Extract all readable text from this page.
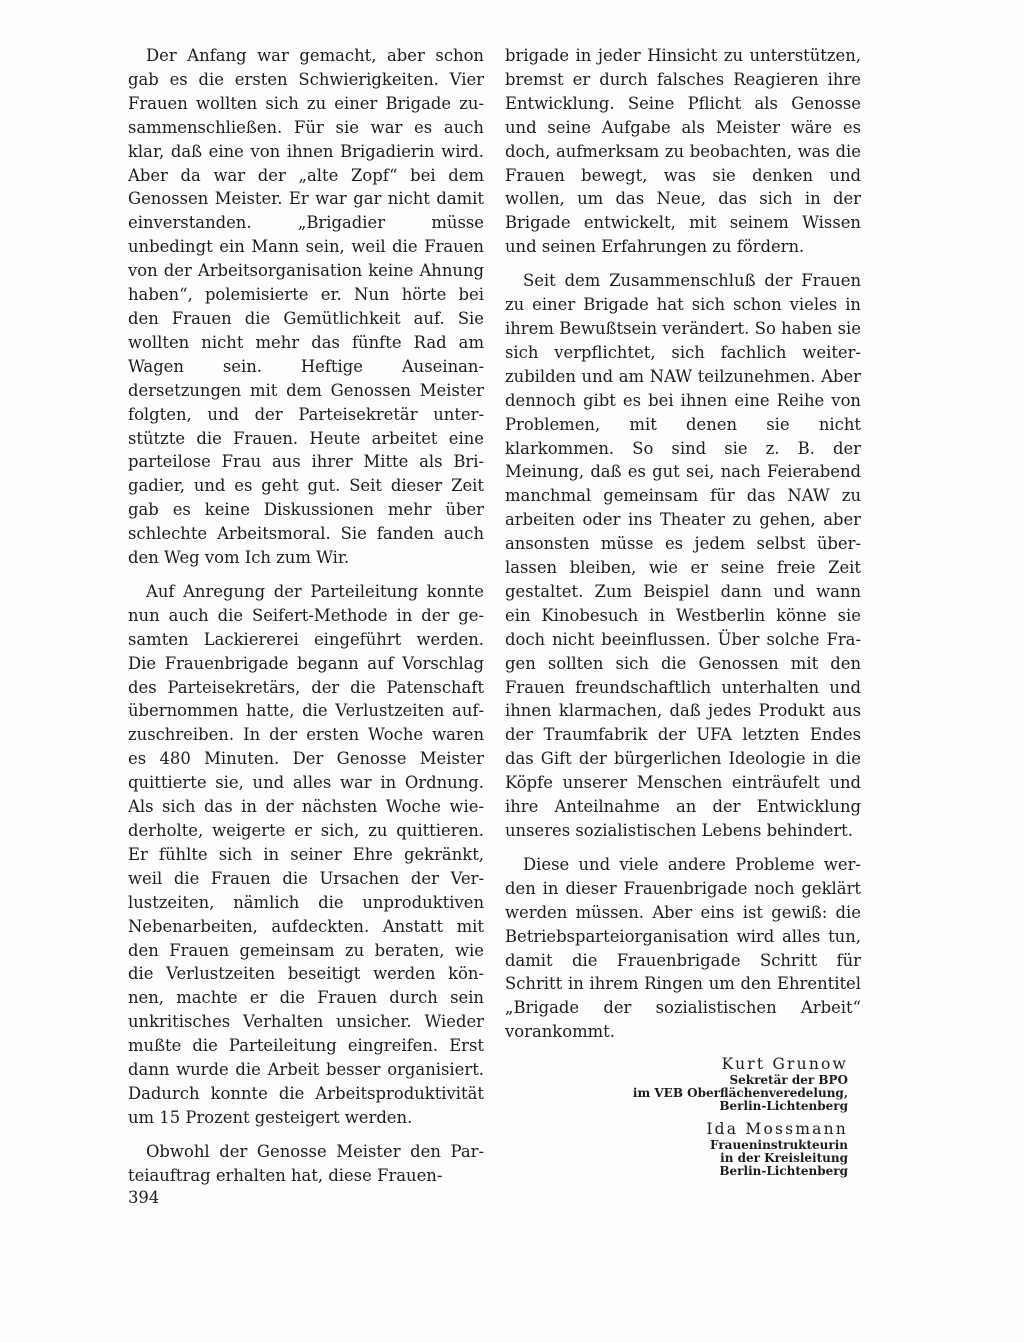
Der Anfang war gemacht, aber schon gab es die ersten Schwierigkeiten. Vier Frauen wollten sich zu einer Brigade zusammenschließen. Für sie war es auch klar, daß eine von ihnen Brigadierin wird. Aber da war der „alte Zopf“ bei dem Genossen Meister. Er war gar nicht damit einverstanden. „Brigadier müsse unbedingt ein Mann sein, weil die Frauen von der Arbeitsorganisation keine Ahnung haben“, polemisierte er. Nun hörte bei den Frauen die Gemütlichkeit auf. Sie wollten nicht mehr das fünfte Rad am Wagen sein. Heftige Auseinandersetzungen mit dem Genossen Meister folgten, und der Parteisekretär unterstützte die Frauen. Heute arbeitet eine parteilose Frau aus ihrer Mitte als Brigadier, und es geht gut. Seit dieser Zeit gab es keine Diskussionen mehr über schlechte Arbeitsmoral. Sie fanden auch den Weg vom Ich zum Wir.

Auf Anregung der Parteileitung konnte nun auch die Seifert-Methode in der gesamten Lackiererei eingeführt werden. Die Frauenbrigade begann auf Vorschlag des Parteisekretärs, der die Patenschaft übernommen hatte, die Verlustzeiten aufzuschreiben. In der ersten Woche waren es 480 Minuten. Der Genosse Meister quittierte sie, und alles war in Ordnung. Als sich das in der nächsten Woche wiederholte, weigerte er sich, zu quittieren. Er fühlte sich in seiner Ehre gekränkt, weil die Frauen die Ursachen der Verlustzeiten, nämlich die unproduktiven Nebenarbeiten, aufdeckten. Anstatt mit den Frauen gemeinsam zu beraten, wie die Verlustzeiten beseitigt werden können, machte er die Frauen durch sein unkritisches Verhalten unsicher. Wieder mußte die Parteileitung eingreifen. Erst dann wurde die Arbeit besser organisiert. Dadurch konnte die Arbeitsproduktivität um 15 Prozent gesteigert werden.

Obwohl der Genosse Meister den Parteiauftrag erhalten hat, diese Frauen-

brigade in jeder Hinsicht zu unterstützen, bremst er durch falsches Reagieren ihre Entwicklung. Seine Pflicht als Genosse und seine Aufgabe als Meister wäre es doch, aufmerksam zu beobachten, was die Frauen bewegt, was sie denken und wollen, um das Neue, das sich in der Brigade entwickelt, mit seinem Wissen und seinen Erfahrungen zu fördern.

Seit dem Zusammenschluß der Frauen zu einer Brigade hat sich schon vieles in ihrem Bewußtsein verändert. So haben sie sich verpflichtet, sich fachlich weiterzubilden und am NAW teilzunehmen. Aber dennoch gibt es bei ihnen eine Reihe von Problemen, mit denen sie nicht klarkommen. So sind sie z. B. der Meinung, daß es gut sei, nach Feierabend manchmal gemeinsam für das NAW zu arbeiten oder ins Theater zu gehen, aber ansonsten müsse es jedem selbst überlassen bleiben, wie er seine freie Zeit gestaltet. Zum Beispiel dann und wann ein Kinobesuch in Westberlin könne sie doch nicht beeinflussen. Über solche Fragen sollten sich die Genossen mit den Frauen freundschaftlich unterhalten und ihnen klarmachen, daß jedes Produkt aus der Traumfabrik der UFA letzten Endes das Gift der bürgerlichen Ideologie in die Köpfe unserer Menschen einträufelt und ihre Anteilnahme an der Entwicklung unseres sozialistischen Lebens behindert.

Diese und viele andere Probleme werden in dieser Frauenbrigade noch geklärt werden müssen. Aber eins ist gewiß: die Betriebsparteiorganisation wird alles tun, damit die Frauenbrigade Schritt für Schritt in ihrem Ringen um den Ehrentitel „Brigade der sozialistischen Arbeit“ vorankommt.

Kurt Grunow
Sekretär der BPO
im VEB Oberflächenveredelung,
Berlin-Lichtenberg
Ida Mossmann
Fraueninstrukteurin
in der Kreisleitung
Berlin-Lichtenberg
394
